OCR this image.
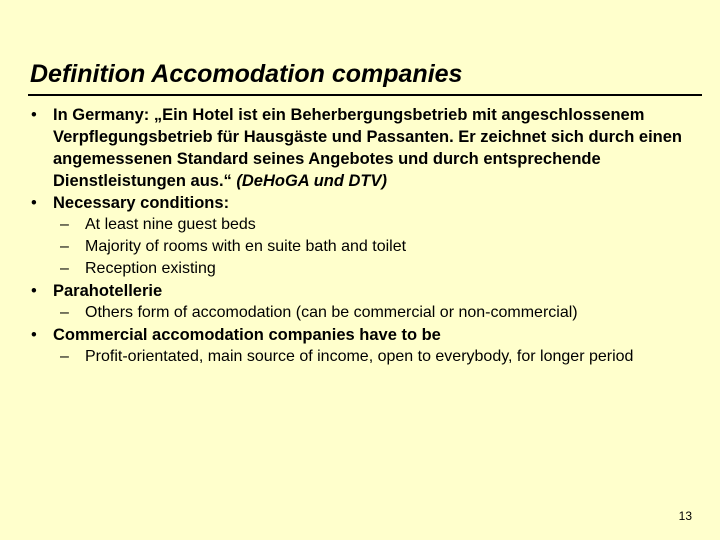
Definition Accomodation companies
• In Germany: „Ein Hotel ist ein Beherbergungsbetrieb mit angeschlossenem Verpflegungsbetrieb für Hausgäste und Passanten. Er zeichnet sich durch einen angemessenen Standard seines Angebotes und durch entsprechende Dienstleistungen aus.“ (DeHoGA und DTV)
• Necessary conditions:
– At least nine guest beds
– Majority of rooms with en suite bath and toilet
– Reception existing
• Parahotellerie
– Others form of accomodation (can be commercial or non-commercial)
• Commercial accomodation companies have to be
– Profit-orientated, main source of income, open to everybody, for longer period
13
